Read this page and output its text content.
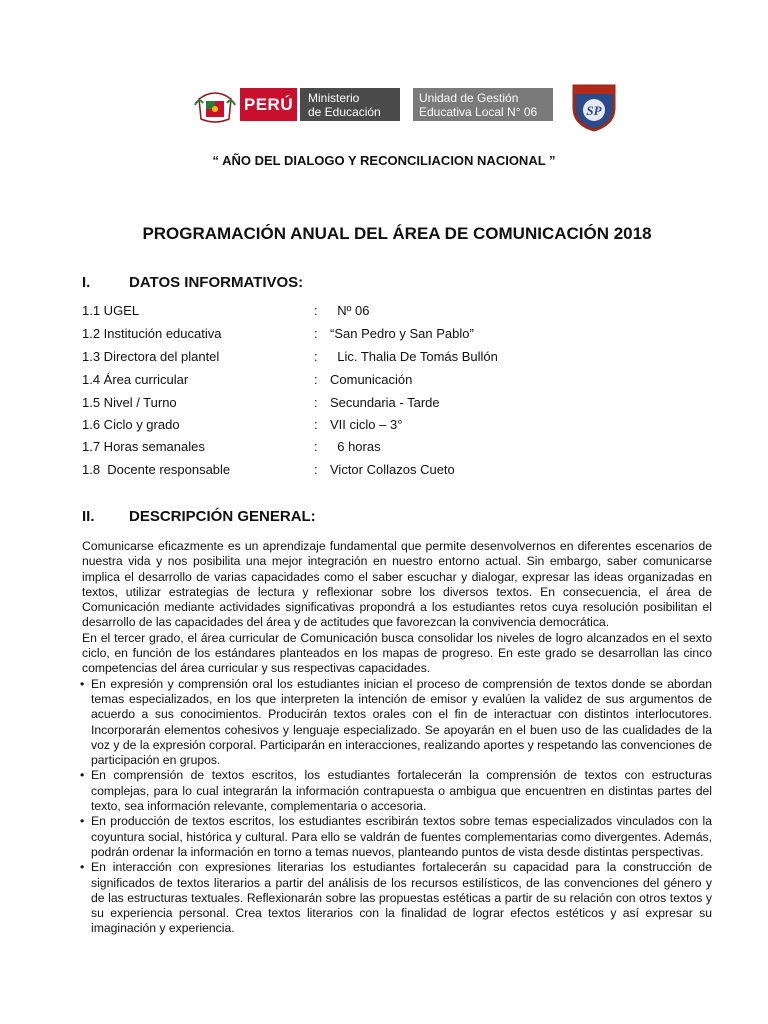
PERÚ	Ministerio
de Educación
Unidad de Gestión
Educativa Local N° 06	SP
“ AÑO DEL DIALOGO Y RECONCILIACION NACIONAL ”
PROGRAMACIÓN ANUAL DEL ÁREA DE COMUNICACIÓN 2018
I.	DATOS INFORMATIVOS:
1.1 UGEL	: Nº 06
1.2 Institución educativa	: “San Pedro y San Pablo”
1.3 Directora del plantel	: Lic. Thalia De Tomás Bullón
1.4 Área curricular	: Comunicación
1.5 Nivel / Turno	: Secundaria - Tarde
1.6 Ciclo y grado	: VII ciclo – 3°
1.7 Horas semanales	: 6 horas
1.8  Docente responsable	: Victor Collazos Cueto
II. DESCRIPCIÓN GENERAL:

Comunicarse eficazmente es un aprendizaje fundamental que permite desenvolvernos en diferentes escenarios de nuestra vida y nos posibilita una mejor integración en nuestro entorno actual. Sin embargo, saber comunicarse implica el desarrollo de varias capacidades como el saber escuchar y dialogar, expresar las ideas organizadas en textos, utilizar estrategias de lectura y reflexionar sobre los diversos textos. En consecuencia, el área de Comunicación mediante actividades significativas propondrá a los estudiantes retos cuya resolución posibilitan el desarrollo de las capacidades del área y de actitudes que favorezcan la convivencia democrática.

En el tercer grado, el área curricular de Comunicación busca consolidar los niveles de logro alcanzados en el sexto ciclo, en función de los estándares planteados en los mapas de progreso. En este grado se desarrollan las cinco competencias del área curricular y sus respectivas capacidades.

• En expresión y comprensión oral los estudiantes inician el proceso de comprensión de textos donde se abordan temas especializados, en los que interpreten la intención de emisor y evalúen la validez de sus argumentos de acuerdo a sus conocimientos. Producirán textos orales con el fin de interactuar con distintos interlocutores. Incorporarán elementos cohesivos y lenguaje especializado. Se apoyarán en el buen uso de las cualidades de la voz y de la expresión corporal. Participarán en interacciones, realizando aportes y respetando las convenciones de participación en grupos.
• En comprensión de textos escritos, los estudiantes fortalecerán la comprensión de textos con estructuras complejas, para lo cual integrarán la información contrapuesta o ambigua que encuentren en distintas partes del texto, sea información relevante, complementaria o accesoria.
• En producción de textos escritos, los estudiantes escribirán textos sobre temas especializados vinculados con la coyuntura social, histórica y cultural. Para ello se valdrán de fuentes complementarias como divergentes. Además, podrán ordenar la información en torno a temas nuevos, planteando puntos de vista desde distintas perspectivas.
• En interacción con expresiones literarias los estudiantes fortalecerán su capacidad para la construcción de significados de textos literarios a partir del análisis de los recursos estilísticos, de las convenciones del género y de las estructuras textuales. Reflexionarán sobre las propuestas estéticas a partir de su relación con otros textos y su experiencia personal. Crea textos literarios con la finalidad de lograr efectos estéticos y así expresar su imaginación y experiencia.
